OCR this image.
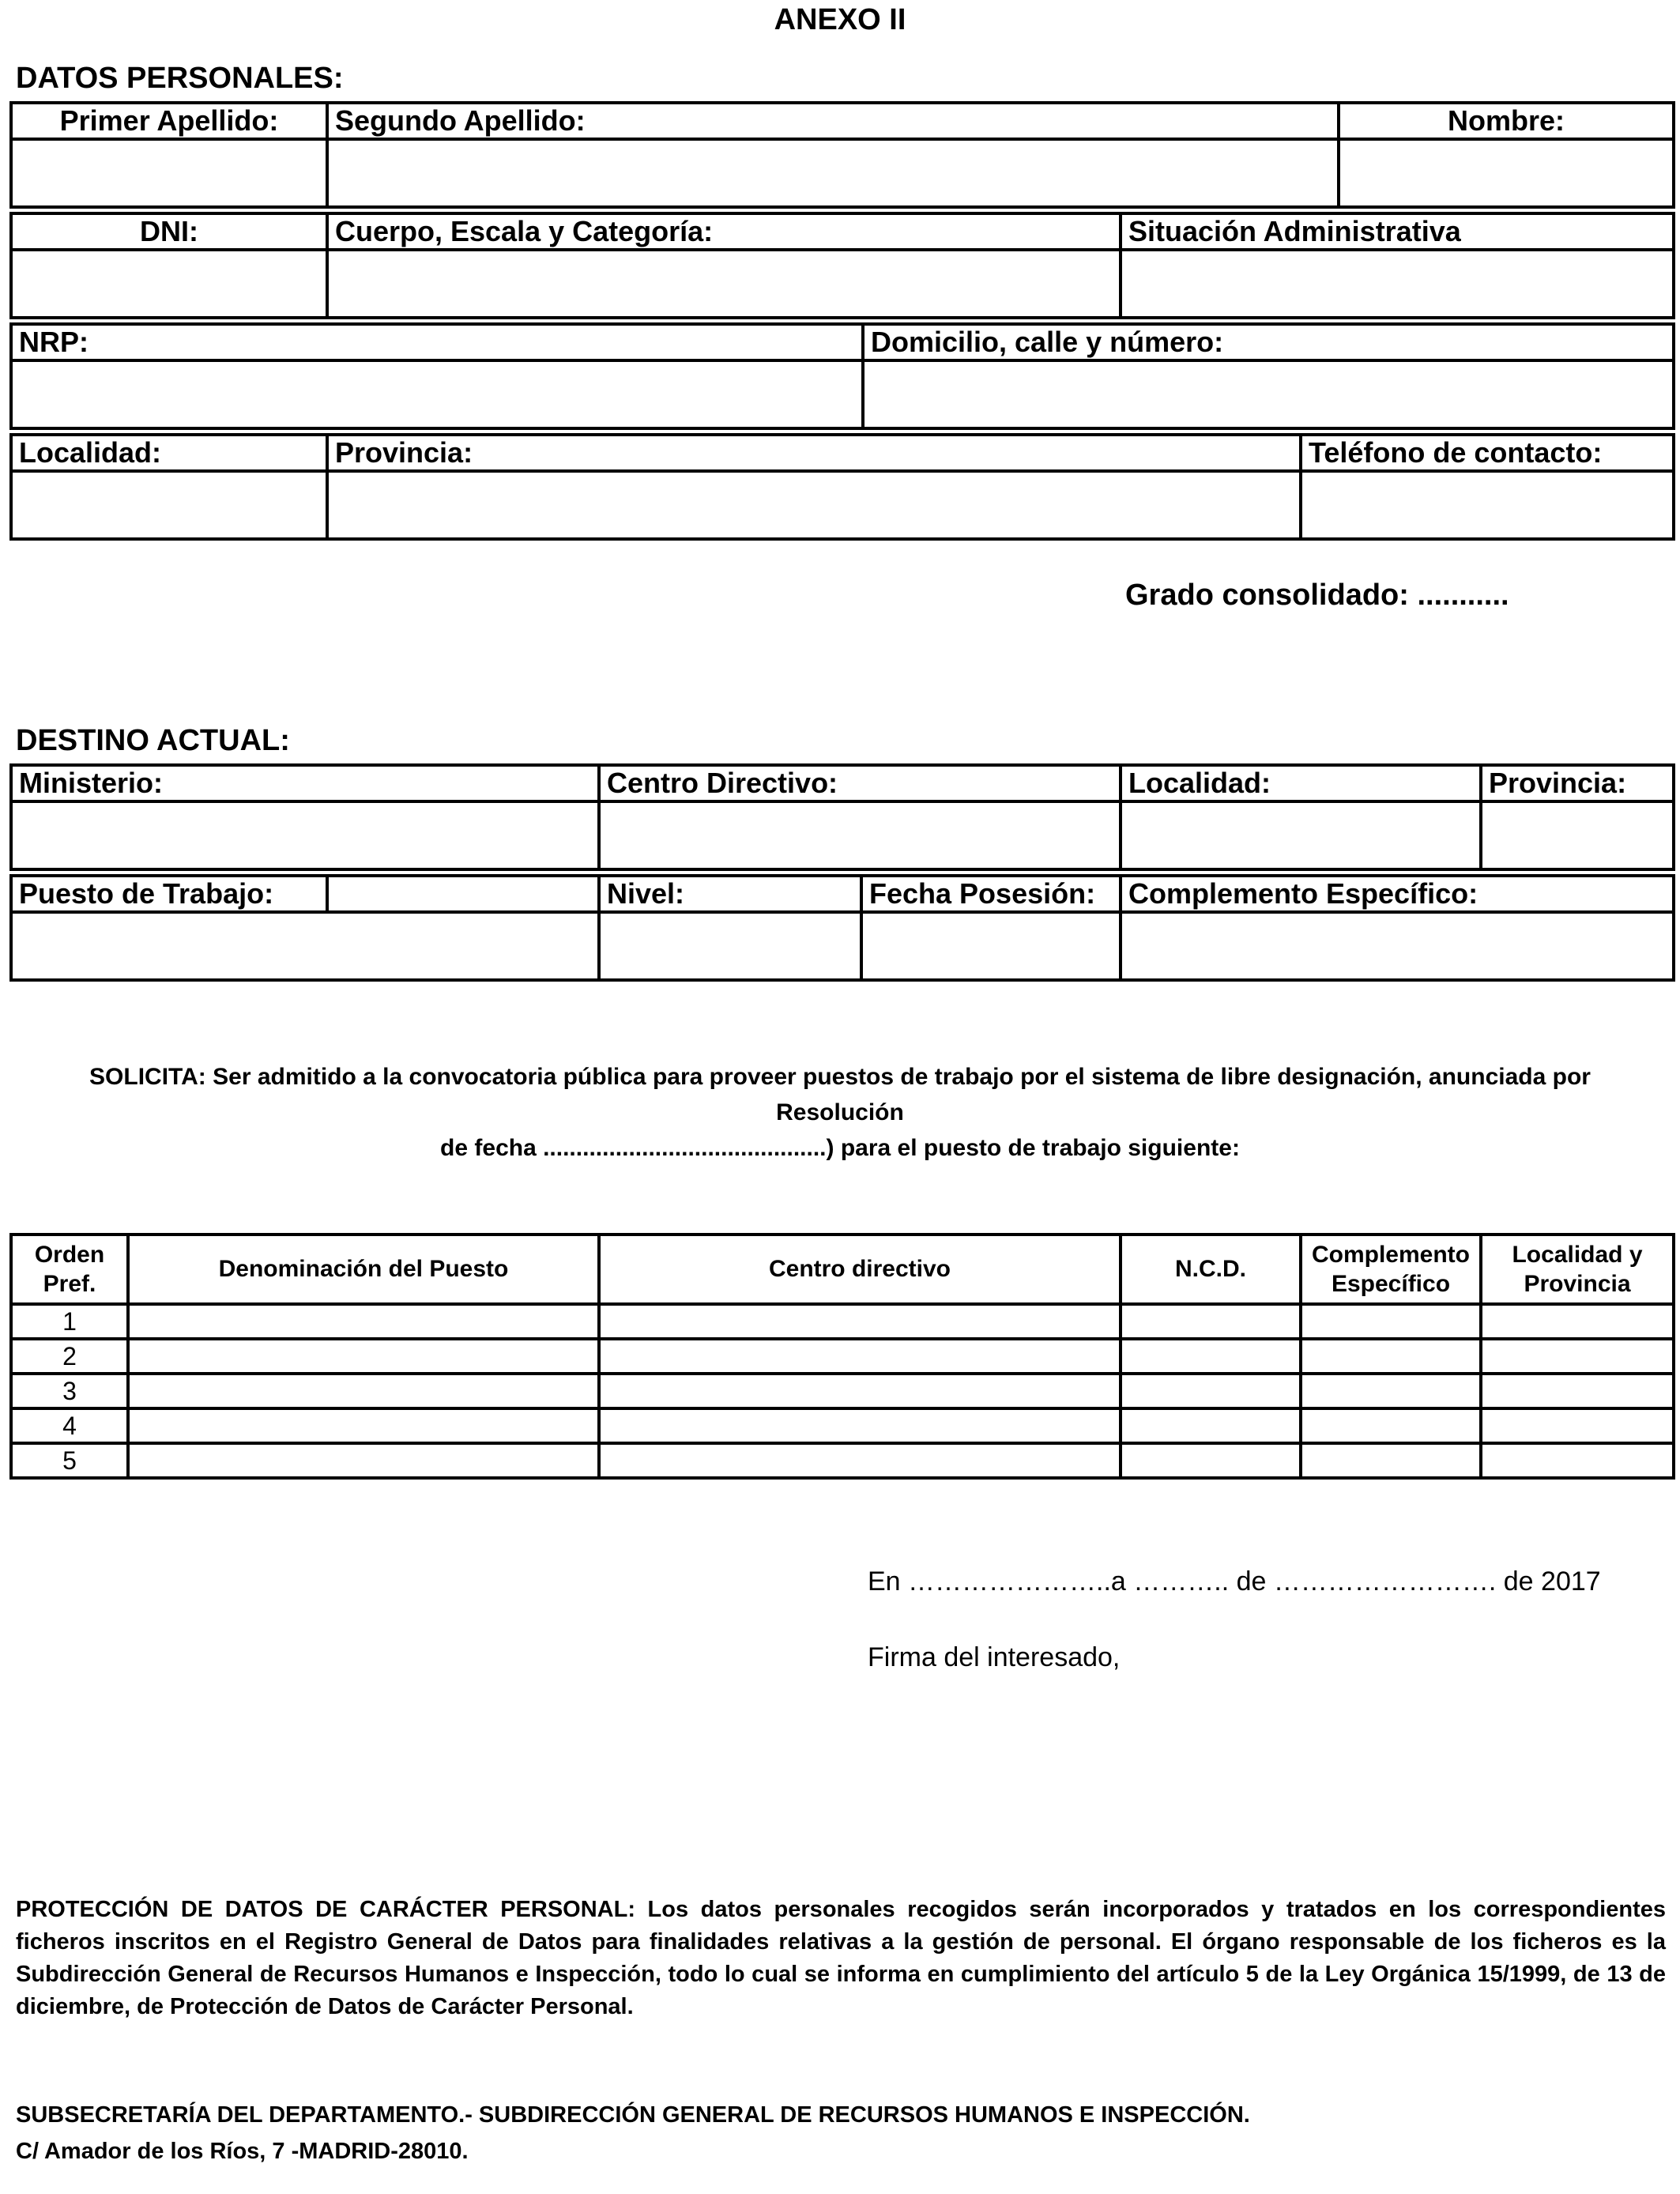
ANEXO II
DATOS PERSONALES:
Primer Apellido:	Segundo Apellido:	Nombre:

DNI:	Cuerpo, Escala y Categoría:	Situación Administrativa

NRP:	Domicilio, calle y número:

Localidad:	Provincia:	Teléfono de contacto:

Grado consolidado: ...........
DESTINO ACTUAL:
Ministerio:	Centro Directivo:	Localidad:	Provincia:

Puesto de Trabajo:		Nivel:	Fecha Posesión:	Complemento Específico:

SOLICITA: Ser admitido a la convocatoria pública para proveer puestos de trabajo por el sistema de libre designación, anunciada por Resolución
de fecha ...........................................) para el puesto de trabajo siguiente:
Orden Pref.	Denominación del Puesto	Centro directivo	N.C.D.	Complemento Específico	Localidad y Provincia
1					
2					
3					
4					
5					
En …………………..a ……….. de ……………………. de 2017
Firma del interesado,
PROTECCIÓN DE DATOS DE CARÁCTER PERSONAL: Los datos personales recogidos serán incorporados y tratados en los correspondientes ficheros inscritos en el Registro General de Datos para finalidades relativas a la gestión de personal. El órgano responsable de los ficheros es la Subdirección General de Recursos Humanos e Inspección, todo lo cual se informa en cumplimiento del artículo 5 de la Ley Orgánica 15/1999, de 13 de diciembre, de Protección de Datos de Carácter Personal.
SUBSECRETARÍA DEL DEPARTAMENTO.- SUBDIRECCIÓN GENERAL DE RECURSOS HUMANOS E INSPECCIÓN.
C/ Amador de los Ríos, 7 -MADRID-28010.
